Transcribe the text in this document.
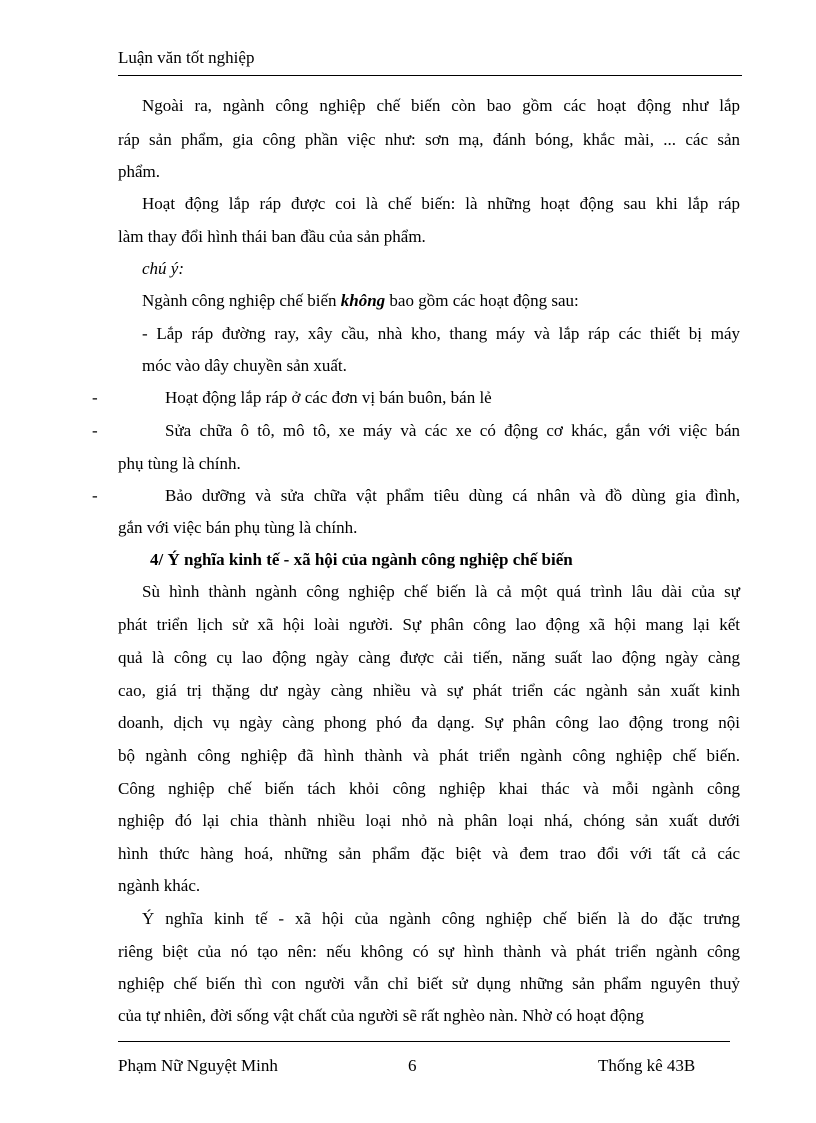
Luận văn tốt nghiệp
Ngoài ra, ngành công nghiệp chế biến còn bao gồm các hoạt động như lắp
ráp sản phẩm, gia công phần việc như: sơn mạ, đánh bóng, khắc mài, ... các sản
phẩm.
Hoạt động lắp ráp được coi là chế biến: là những hoạt động sau khi lắp ráp
làm thay đổi hình thái ban đầu của sản phẩm.
chú ý:
Ngành công nghiệp chế biến không bao gồm các hoạt động sau:
- Lắp ráp đường ray, xây cầu, nhà kho, thang máy và lắp ráp các thiết bị máy
móc vào dây chuyền sản xuất.
-	Hoạt động lắp ráp ở các đơn vị bán buôn, bán lẻ
-	Sửa chữa ô tô, mô tô, xe máy và các xe có động cơ khác, gắn với việc bán
phụ tùng là chính.
-	Bảo dưỡng và sửa chữa vật phẩm tiêu dùng cá nhân và đồ dùng gia đình,
gắn với việc bán phụ tùng là chính.
4/ Ý nghĩa kinh tế - xã hội của ngành công nghiệp chế biến
Sù hình thành ngành công nghiệp chế biến là cả một quá trình lâu dài của sự
phát triển lịch sử xã hội loài người. Sự phân công lao động xã hội mang lại kết
quả là công cụ lao động ngày càng được cải tiến, năng suất lao động ngày càng
cao, giá trị thặng dư ngày càng nhiều và sự phát triển các ngành sản xuất kinh
doanh, dịch vụ ngày càng phong phó đa dạng. Sự phân công lao động trong nội
bộ ngành công nghiệp đã hình thành và phát triển ngành công nghiệp chế biến.
Công nghiệp chế biến tách khỏi công nghiệp khai thác và mỗi ngành công
nghiệp đó lại chia thành nhiều loại nhỏ nà phân loại nhá, chóng sản xuất dưới
hình thức hàng hoá, những sản phẩm đặc biệt và đem trao đổi với tất cả các
ngành khác.
Ý nghĩa kinh tế - xã hội của ngành công nghiệp chế biến là do đặc trưng
riêng biệt của nó tạo nên: nếu không có sự hình thành và phát triển ngành công
nghiệp chế biến thì con người vẫn chỉ biết sử dụng những sản phẩm nguyên thuỷ
của tự nhiên, đời sống vật chất của người sẽ rất nghèo nàn. Nhờ có hoạt động
Phạm Nữ Nguyệt Minh	6	Thống kê 43B
